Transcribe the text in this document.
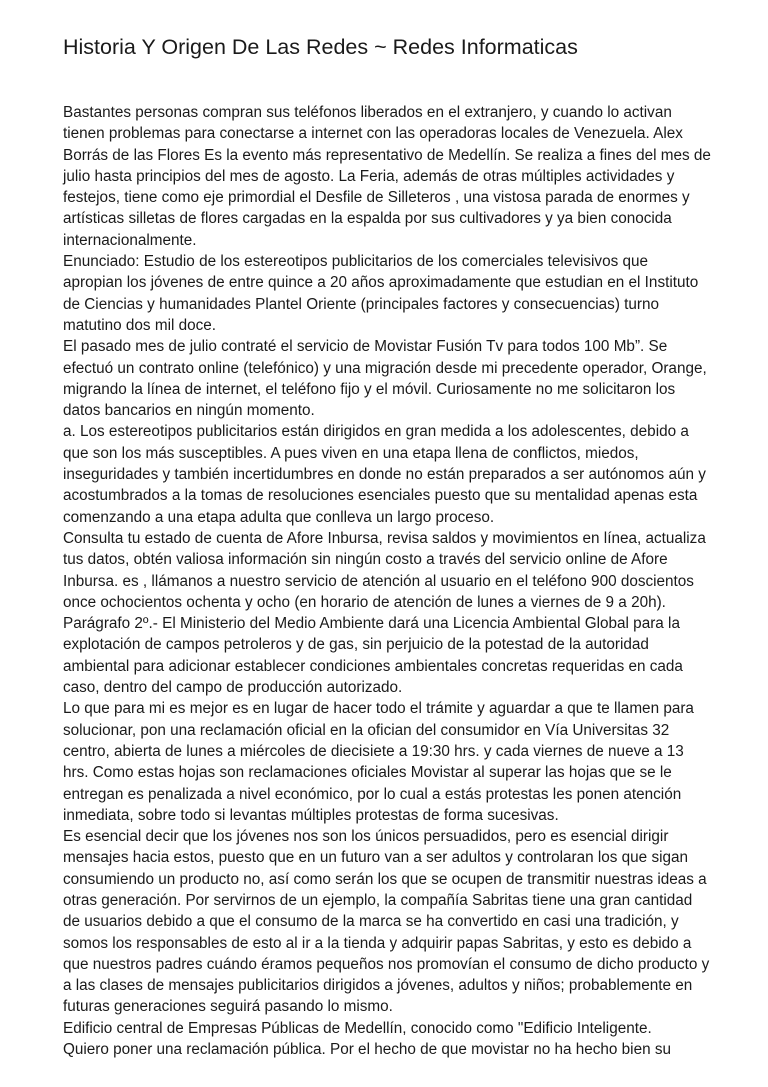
Historia Y Origen De Las Redes ~ Redes Informaticas

Bastantes personas compran sus teléfonos liberados en el extranjero, y cuando lo activan tienen problemas para conectarse a internet con las operadoras locales de Venezuela. Alex Borrás de las Flores Es la evento más representativo de Medellín. Se realiza a fines del mes de julio hasta principios del mes de agosto. La Feria, además de otras múltiples actividades y festejos, tiene como eje primordial el Desfile de Silleteros , una vistosa parada de enormes y artísticas silletas de flores cargadas en la espalda por sus cultivadores y ya bien conocida internacionalmente.

Enunciado: Estudio de los estereotipos publicitarios de los comerciales televisivos que apropian los jóvenes de entre quince a 20 años aproximadamente que estudian en el Instituto de Ciencias y humanidades Plantel Oriente (principales factores y consecuencias) turno matutino dos mil doce.

El pasado mes de julio contraté el servicio de Movistar Fusión Tv para todos 100 Mb”. Se efectuó un contrato online (telefónico) y una migración desde mi precedente operador, Orange, migrando la línea de internet, el teléfono fijo y el móvil. Curiosamente no me solicitaron los datos bancarios en ningún momento.

a. Los estereotipos publicitarios están dirigidos en gran medida a los adolescentes, debido a que son los más susceptibles. A pues viven en una etapa llena de conflictos, miedos, inseguridades y también incertidumbres en donde no están preparados a ser autónomos aún y acostumbrados a la tomas de resoluciones esenciales puesto que su mentalidad apenas esta comenzando a una etapa adulta que conlleva un largo proceso.

Consulta tu estado de cuenta de Afore Inbursa, revisa saldos y movimientos en línea, actualiza tus datos, obtén valiosa información sin ningún costo a través del servicio online de Afore Inbursa. es , llámanos a nuestro servicio de atención al usuario en el teléfono 900 doscientos once ochocientos ochenta y ocho (en horario de atención de lunes a viernes de 9 a 20h).

Parágrafo 2º.- El Ministerio del Medio Ambiente dará una Licencia Ambiental Global para la explotación de campos petroleros y de gas, sin perjuicio de la potestad de la autoridad ambiental para adicionar establecer condiciones ambientales concretas requeridas en cada caso, dentro del campo de producción autorizado.

Lo que para mi es mejor es en lugar de hacer todo el trámite y aguardar a que te llamen para solucionar, pon una reclamación oficial en la ofician del consumidor en Vía Universitas 32 centro, abierta de lunes a miércoles de diecisiete a 19:30 hrs. y cada viernes de nueve a 13 hrs. Como estas hojas son reclamaciones oficiales Movistar al superar las hojas que se le entregan es penalizada a nivel económico, por lo cual a estás protestas les ponen atención inmediata, sobre todo si levantas múltiples protestas de forma sucesivas.

Es esencial decir que los jóvenes nos son los únicos persuadidos, pero es esencial dirigir mensajes hacia estos, puesto que en un futuro van a ser adultos y controlaran los que sigan consumiendo un producto no, así como serán los que se ocupen de transmitir nuestras ideas a otras generación. Por servirnos de un ejemplo, la compañía Sabritas tiene una gran cantidad de usuarios debido a que el consumo de la marca se ha convertido en casi una tradición, y somos los responsables de esto al ir a la tienda y adquirir papas Sabritas, y esto es debido a que nuestros padres cuándo éramos pequeños nos promovían el consumo de dicho producto y a las clases de mensajes publicitarios dirigidos a jóvenes, adultos y niños; probablemente en futuras generaciones seguirá pasando lo mismo.

Edificio central de Empresas Públicas de Medellín, conocido como "Edificio Inteligente.

Quiero poner una reclamación pública. Por el hecho de que movistar no ha hecho bien su
